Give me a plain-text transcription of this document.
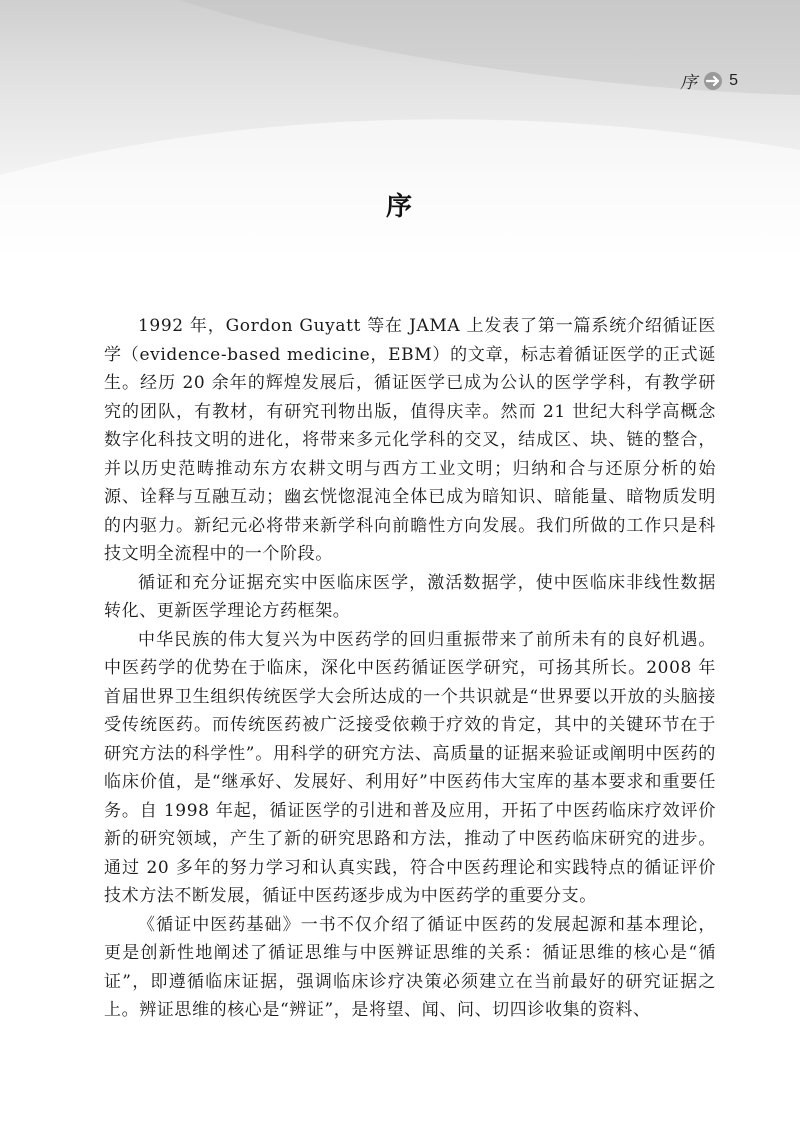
序 5
序

1992 年，Gordon Guyatt 等在 JAMA 上发表了第一篇系统介绍循证医学（evidence-based medicine，EBM）的文章，标志着循证医学的正式诞生。经历 20 余年的辉煌发展后，循证医学已成为公认的医学学科，有教学研究的团队，有教材，有研究刊物出版，值得庆幸。然而 21 世纪大科学高概念数字化科技文明的进化，将带来多元化学科的交叉，结成区、块、链的整合，并以历史范畴推动东方农耕文明与西方工业文明；归纳和合与还原分析的始源、诠释与互融互动；幽玄恍惚混沌全体已成为暗知识、暗能量、暗物质发明的内驱力。新纪元必将带来新学科向前瞻性方向发展。我们所做的工作只是科技文明全流程中的一个阶段。

循证和充分证据充实中医临床医学，激活数据学，使中医临床非线性数据转化、更新医学理论方药框架。

中华民族的伟大复兴为中医药学的回归重振带来了前所未有的良好机遇。中医药学的优势在于临床，深化中医药循证医学研究，可扬其所长。2008 年首届世界卫生组织传统医学大会所达成的一个共识就是“世界要以开放的头脑接受传统医药。而传统医药被广泛接受依赖于疗效的肯定，其中的关键环节在于研究方法的科学性”。用科学的研究方法、高质量的证据来验证或阐明中医药的临床价值，是“继承好、发展好、利用好”中医药伟大宝库的基本要求和重要任务。自 1998 年起，循证医学的引进和普及应用，开拓了中医药临床疗效评价新的研究领域，产生了新的研究思路和方法，推动了中医药临床研究的进步。通过 20 多年的努力学习和认真实践，符合中医药理论和实践特点的循证评价技术方法不断发展，循证中医药逐步成为中医药学的重要分支。

《循证中医药基础》一书不仅介绍了循证中医药的发展起源和基本理论，更是创新性地阐述了循证思维与中医辨证思维的关系：循证思维的核心是“循证”，即遵循临床证据，强调临床诊疗决策必须建立在当前最好的研究证据之上。辨证思维的核心是“辨证”，是将望、闻、问、切四诊收集的资料、
